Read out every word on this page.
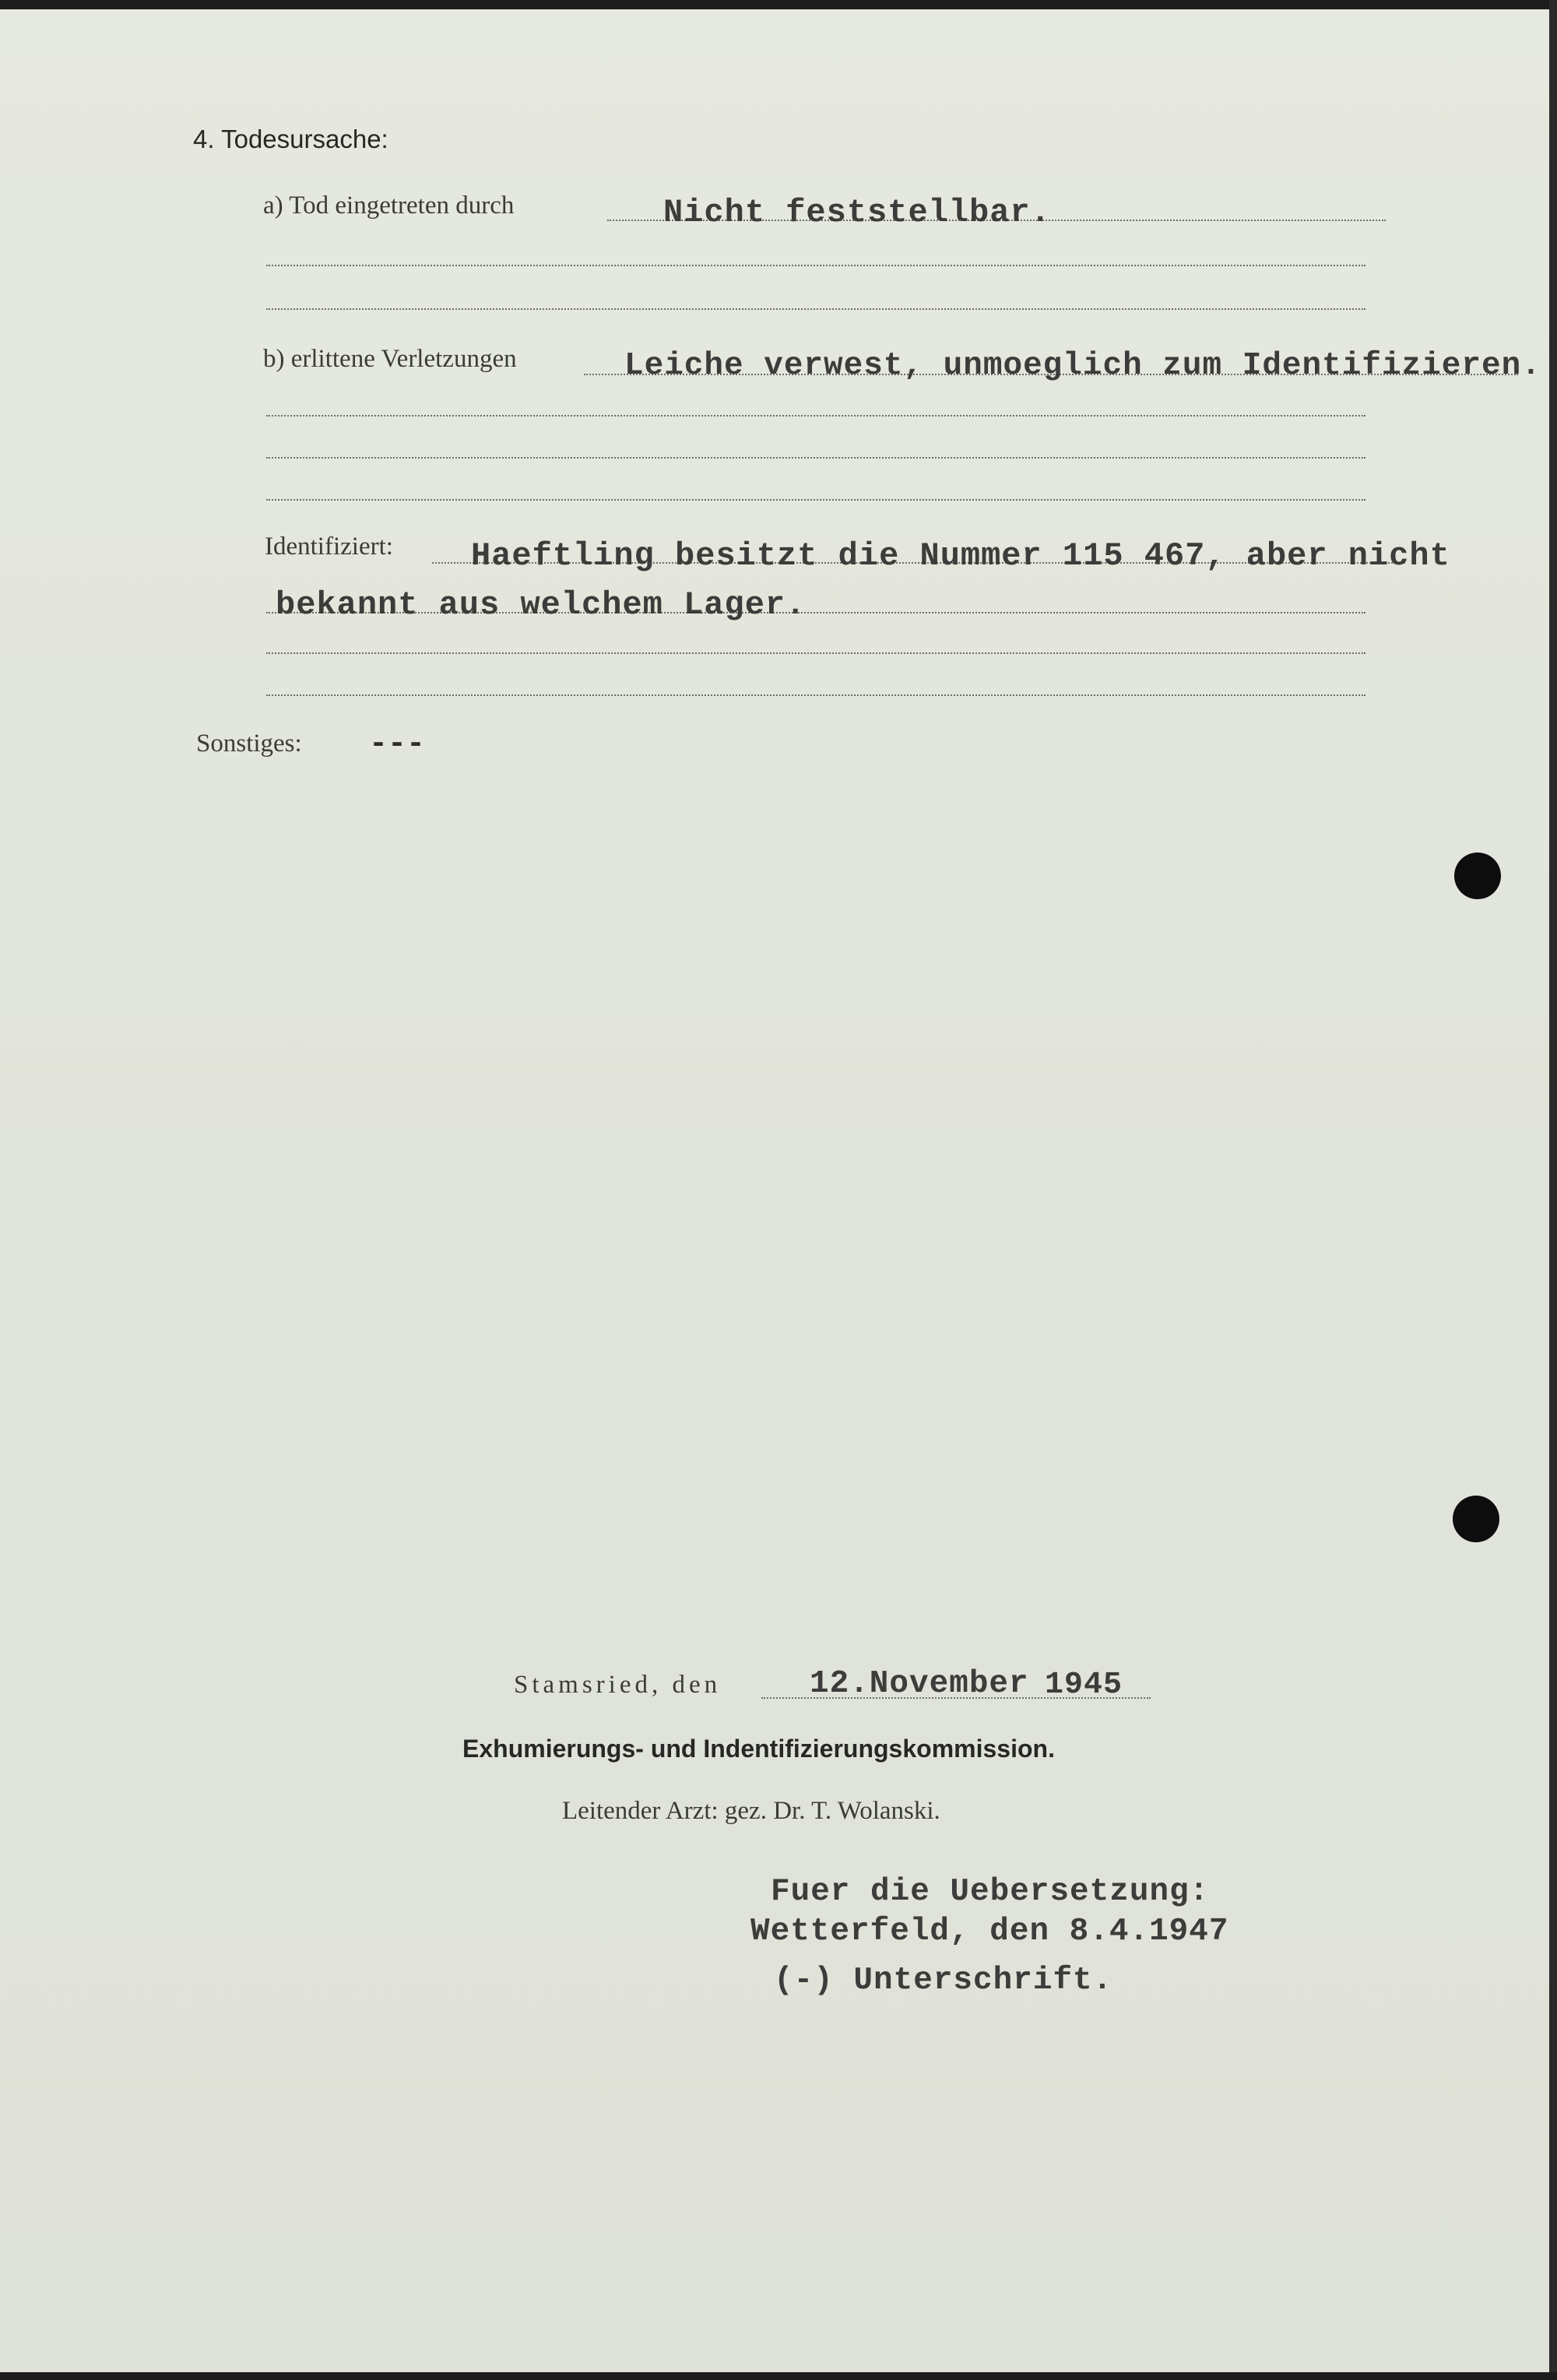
4. Todesursache:
a) Tod eingetreten durch	Nicht feststellbar.
b) erlittene Verletzungen	Leiche verwest, unmoeglich zum Identifizieren.
Identifiziert: Haeftling besitzt die Nummer 115 467, aber nicht
bekannt aus welchem Lager.
Sonstiges: ---
Stamsried, den	12.November 1945
Exhumierungs- und Indentifizierungskommission.
Leitender Arzt: gez. Dr. T. Wolanski.
Fuer die Uebersetzung:
Wetterfeld, den 8.4.1947
(-) Unterschrift.
